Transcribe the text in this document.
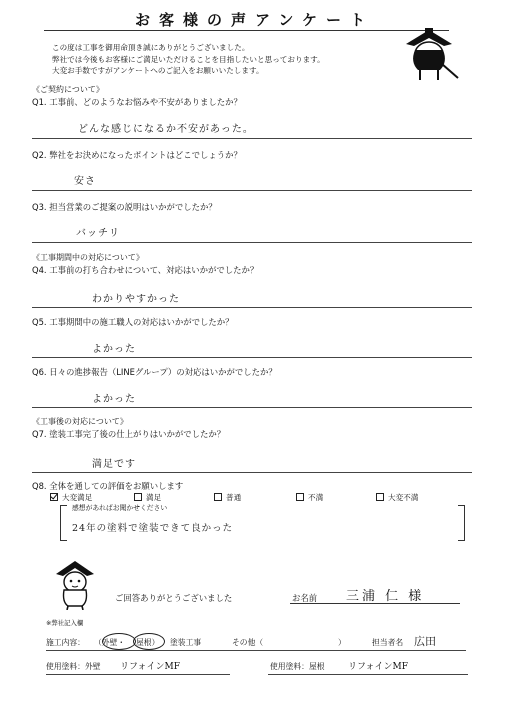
お客様の声アンケート
この度は工事を御用命頂き誠にありがとうございました。
弊社では今後もお客様にご満足いただけることを目指したいと思っております。
大変お手数ですがアンケートへのご記入をお願いいたします。
《ご契約について》
Q1. 工事前、どのようなお悩みや不安がありましたか？
どんな感じになるか不安があった。
Q2. 弊社をお決めになったポイントはどこでしょうか？
安さ
Q3. 担当営業のご提案の説明はいかがでしたか？
バッチリ
《工事期間中の対応について》
Q4. 工事前の打ち合わせについて、対応はいかがでしたか？
わかりやすかった
Q5. 工事期間中の施工職人の対応はいかがでしたか？
よかった
Q6. 日々の進捗報告（LINEグループ）の対応はいかがでしたか？
よかった
《工事後の対応について》
Q7. 塗装工事完了後の仕上がりはいかがでしたか？
満足です
Q8. 全体を通しての評価をお願いします
大変満足	満足	普通	不満	大変不満
感想があればお聞かせください
24年の塗料で塗装できて良かった
ご回答ありがとうございました	お名前 三浦 仁 様
※弊社記入欄
施工内容： （外壁・ 屋根） 塗装工事	その他（	）	担当者名 広田
使用塗料：外壁 リフォインMF	使用塗料：屋根	リフォインMF
